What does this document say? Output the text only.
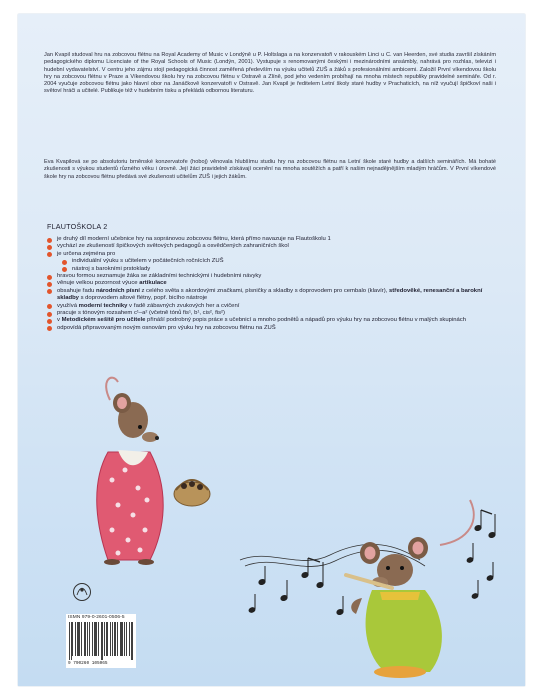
Jan Kvapil studoval hru na zobcovou flétnu na Royal Academy of Music v Londýně u P. Holtslaga a na konzervatoři v rakouském Linci u C. van Heerden, své studia završil získáním pedagogického diplomu Licenciate of the Royal Schools of Music (Londýn, 2001). Vystupuje s renomovanými českými i mezinárodními ansámbly, nahrává pro rozhlas, televizi i hudební vydavatelství. V centru jeho zájmu stojí pedagogická činnost zaměřená především na výuku učitelů ZUŠ a žáků s profesionálními ambicemi. Založil První víkendovou školu hry na zobcovou flétnu v Praze a Víkendovou školu hry na zobcovou flétnu v Ostravě a Zlíně, pod jeho vedením probíhají na mnoha místech republiky pravidelné semináře. Od r. 2004 vyučuje zobcovou flétnu jako hlavní obor na Janáčkově konzervatoři v Ostravě. Jan Kvapil je ředitelem Letní školy staré hudby v Prachaticích, na níž vyučují špičkoví naši i světoví hráči a učitelé. Publikuje též v hudebním tisku a překládá odbornou literaturu.

Eva Kvapilová se po absolutoriu brněnské konzervatoře (hoboj) věnovala hlubšímu studiu hry na zobcovou flétnu na Letní škole staré hudby a dalších seminářích. Má bohaté zkušenosti s výukou studentů různého věku i úrovně. Její žáci pravidelně získávají ocenění na mnoha soutěžích a patří k našim nejnadějnějším mladým hráčům. V První víkendové škole hry na zobcovou flétnu předává své zkušenosti učitelům ZUŠ i jejich žákům.

FLAUTOŠKOLA 2
je druhý díl moderní učebnice hry na sopránovou zobcovou flétnu, která přímo navazuje na Flautoškolu 1
vychází ze zkušeností špičkových světových pedagogů a osvědčených zahraničních škol
je určena zejména pro
individuální výuku s učitelem v počátečních ročnících ZUŠ
nástroj s barokními prstoklady
hravou formou seznamuje žáka se základními technickými i hudebními návyky
věnuje velkou pozornost výuce artikulace
obsahuje řadu národních písní z celého světa s akordovými značkami, písničky a skladby s doprovodem pro cembalo (klavír), středověké, renesanční a barokní skladby s doprovodem altové flétny, popř. bicího nástroje
využívá moderní techniky v řadě zábavných zvukových her a cvičení
pracuje s tónovým rozsahem c¹–a² (včetně tónů fis¹, b¹, cis², fis²)
v Metodickém sešitě pro učitele přináší podrobný popis práce s učebnicí a mnoho podnětů a nápadů pro výuku hry na zobcovou flétnu v malých skupinách
odpovídá připravovaným novým osnovám pro výuku hry na zobcovou flétnu na ZUŠ
ISMN 979-0-2601-0506-5
9 790260 105065
